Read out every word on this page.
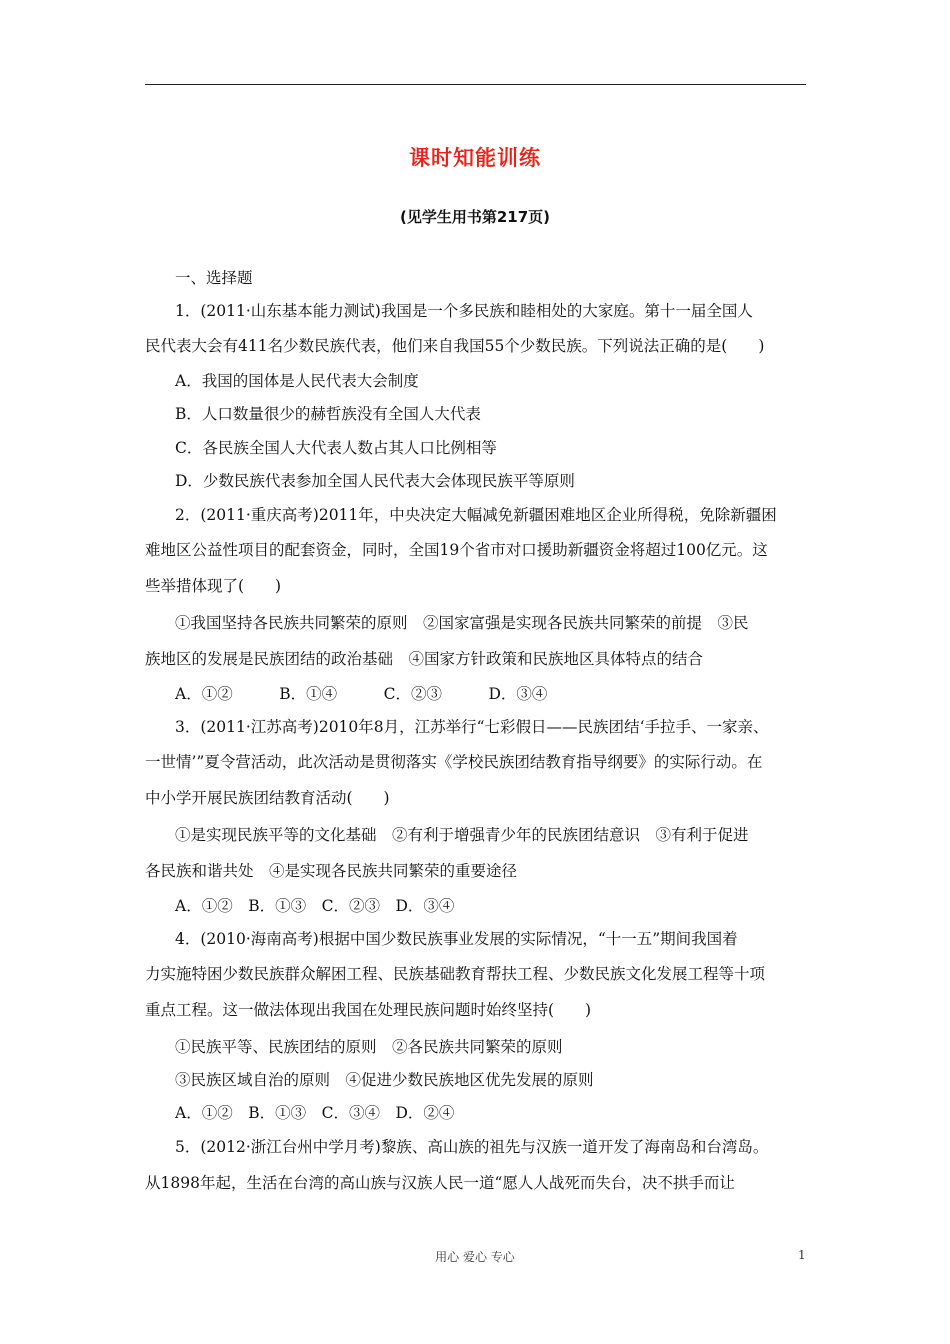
课时知能训练
(见学生用书第217页)
一、选择题
1．(2011·山东基本能力测试)我国是一个多民族和睦相处的大家庭。第十一届全国人
民代表大会有411名少数民族代表，他们来自我国55个少数民族。下列说法正确的是(　　)
A．我国的国体是人民代表大会制度
B．人口数量很少的赫哲族没有全国人大代表
C．各民族全国人大代表人数占其人口比例相等
D．少数民族代表参加全国人民代表大会体现民族平等原则
2．(2011·重庆高考)2011年，中央决定大幅减免新疆困难地区企业所得税，免除新疆困
难地区公益性项目的配套资金，同时，全国19个省市对口援助新疆资金将超过100亿元。这
些举措体现了(　　)
①我国坚持各民族共同繁荣的原则　②国家富强是实现各民族共同繁荣的前提　③民
族地区的发展是民族团结的政治基础　④国家方针政策和民族地区具体特点的结合
A．①②　　　B．①④　　　C．②③　　　D．③④
3．(2011·江苏高考)2010年8月，江苏举行“七彩假日——民族团结‘手拉手、一家亲、
一世情’”夏令营活动，此次活动是贯彻落实《学校民族团结教育指导纲要》的实际行动。在
中小学开展民族团结教育活动(　　)
①是实现民族平等的文化基础　②有利于增强青少年的民族团结意识　③有利于促进
各民族和谐共处　④是实现各民族共同繁荣的重要途径
A．①②　B．①③　C．②③　D．③④
4．(2010·海南高考)根据中国少数民族事业发展的实际情况，“十一五”期间我国着
力实施特困少数民族群众解困工程、民族基础教育帮扶工程、少数民族文化发展工程等十项
重点工程。这一做法体现出我国在处理民族问题时始终坚持(　　)
①民族平等、民族团结的原则　②各民族共同繁荣的原则
③民族区域自治的原则　④促进少数民族地区优先发展的原则
A．①②　B．①③　C．③④　D．②④
5．(2012·浙江台州中学月考)黎族、高山族的祖先与汉族一道开发了海南岛和台湾岛。
从1898年起，生活在台湾的高山族与汉族人民一道“愿人人战死而失台，决不拱手而让
用心 爱心 专心	1
